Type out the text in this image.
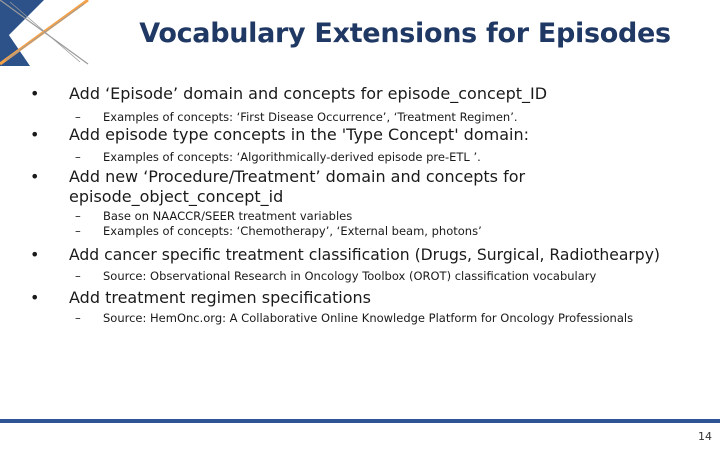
Vocabulary Extensions for Episodes
• Add ‘Episode’ domain and concepts for episode_concept_ID
– Examples of concepts: ‘First Disease Occurrence’, ‘Treatment Regimen’.
• Add episode type concepts in the 'Type Concept' domain:
– Examples of concepts: ‘Algorithmically-derived episode pre-ETL ’.
• Add new ‘Procedure/Treatment’ domain and concepts for
episode_object_concept_id
– Base on NAACCR/SEER treatment variables
– Examples of concepts: ‘Chemotherapy’, ‘External beam, photons’
• Add cancer specific treatment classification (Drugs, Surgical, Radiothearpy)
– Source: Observational Research in Oncology Toolbox (OROT) classification vocabulary
• Add treatment regimen specifications
– Source: HemOnc.org: A Collaborative Online Knowledge Platform for Oncology Professionals
14
